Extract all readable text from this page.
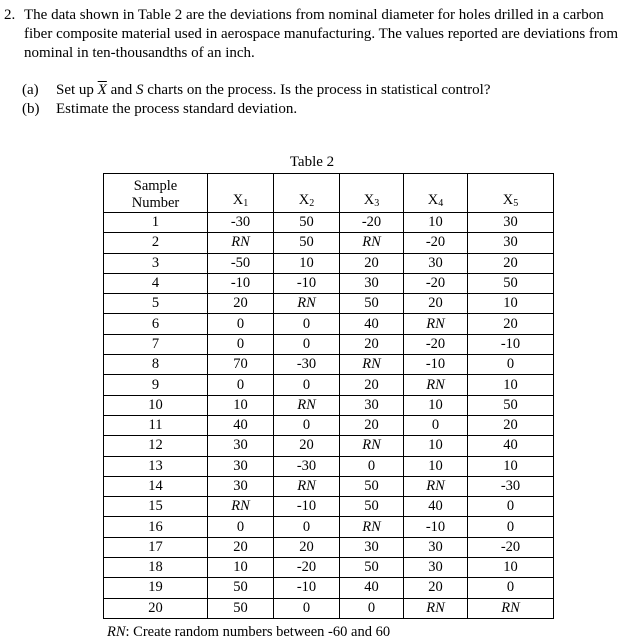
2. The data shown in Table 2 are the deviations from nominal diameter for holes drilled in a carbon fiber composite material used in aerospace manufacturing. The values reported are deviations from nominal in ten-thousandths of an inch.
(a) Set up $\overline{X}$ and S charts on the process. Is the process in statistical control?
(b) Estimate the process standard deviation.
Table 2
Sample
Number	$X_1$	$X_2$	$X_3$	$X_4$	$X_5$
1	-30	50	-20	10	30
2	RN	50	RN	-20	30
3	-50	10	20	30	20
4	-10	-10	30	-20	50
5	20	RN	50	20	10
6	0	0	40	RN	20
7	0	0	20	-20	-10
8	70	-30	RN	-10	0
9	0	0	20	RN	10
10	10	RN	30	10	50
11	40	0	20	0	20
12	30	20	RN	10	40
13	30	-30	0	10	10
14	30	RN	50	RN	-30
15	RN	-10	50	40	0
16	0	0	RN	-10	0
17	20	20	30	30	-20
18	10	-20	50	30	10
19	50	-10	40	20	0
20	50	0	0	RN	RN
RN: Create random numbers between -60 and 60
